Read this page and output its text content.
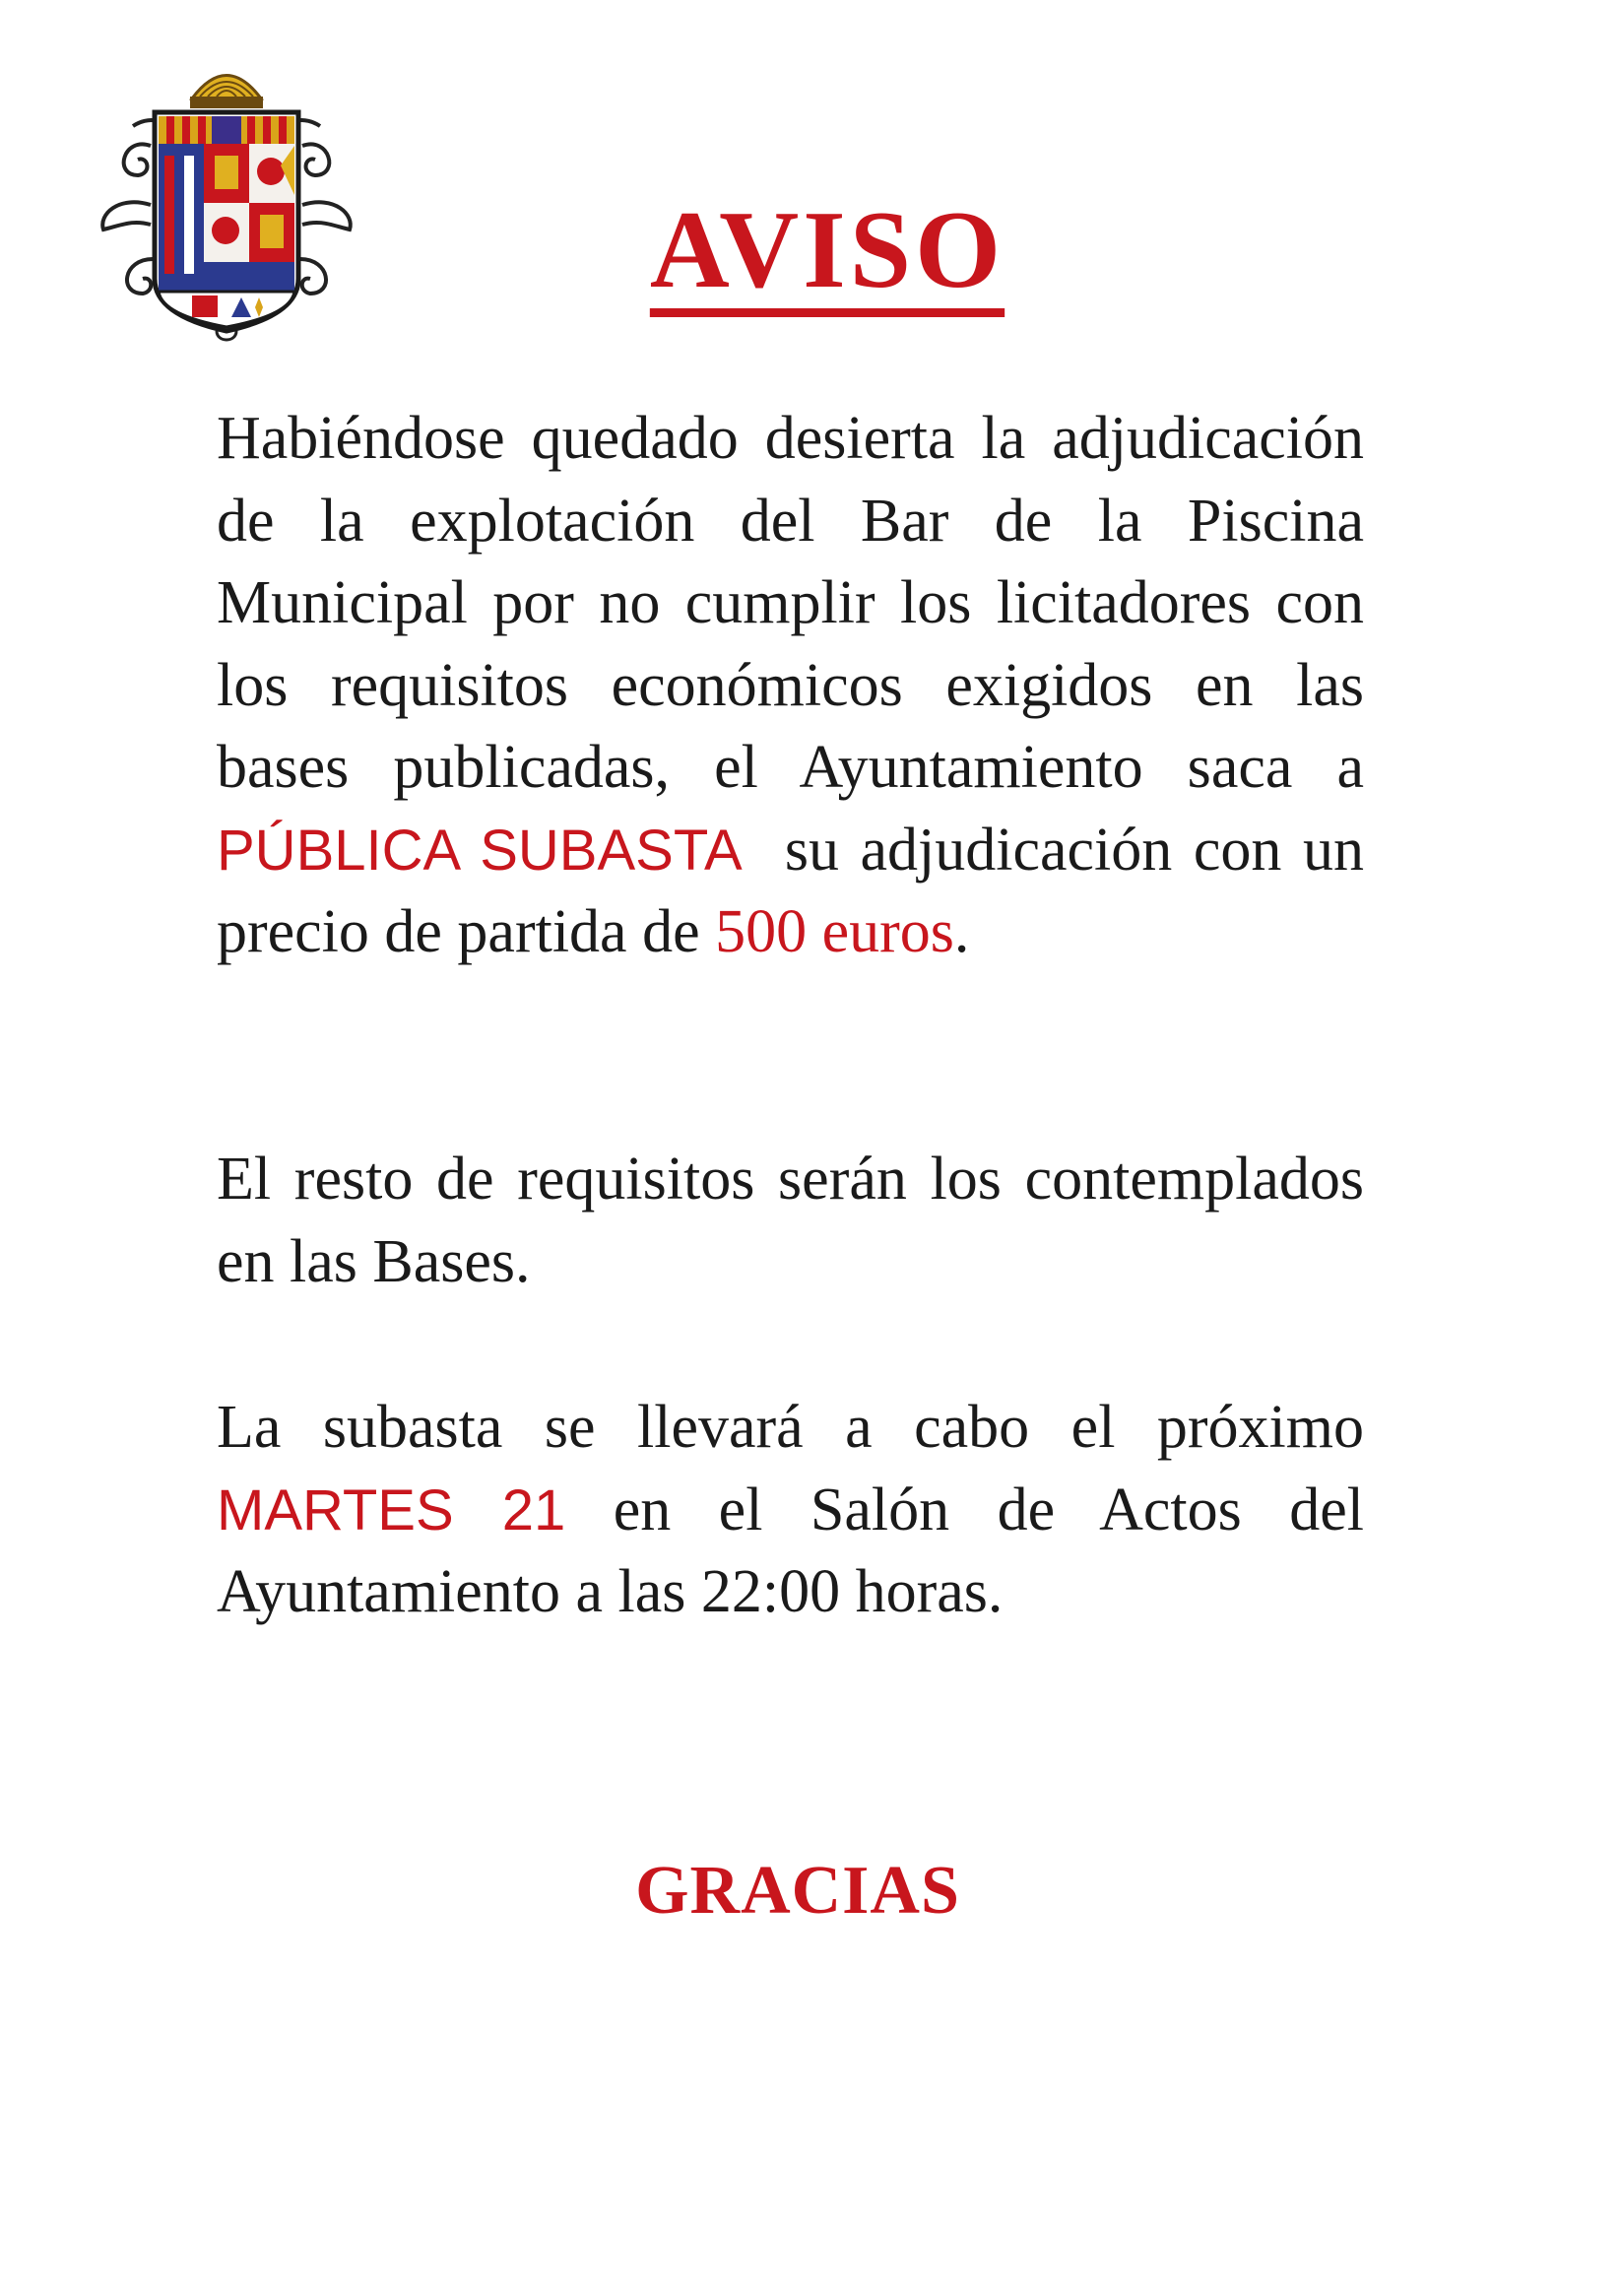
AVISO

Habiéndose quedado desierta la adjudicación de la explotación del Bar de la Piscina Municipal por no cumplir los licitadores con los requisitos económicos exigidos en las bases publicadas, el Ayuntamiento saca a PÚBLICA SUBASTA  su adjudicación con un precio de partida de 500 euros.

El resto de requisitos serán los contemplados en las Bases.

La subasta se llevará a cabo el próximo MARTES 21 en el Salón de Actos del Ayuntamiento a las 22:00 horas.

GRACIAS
